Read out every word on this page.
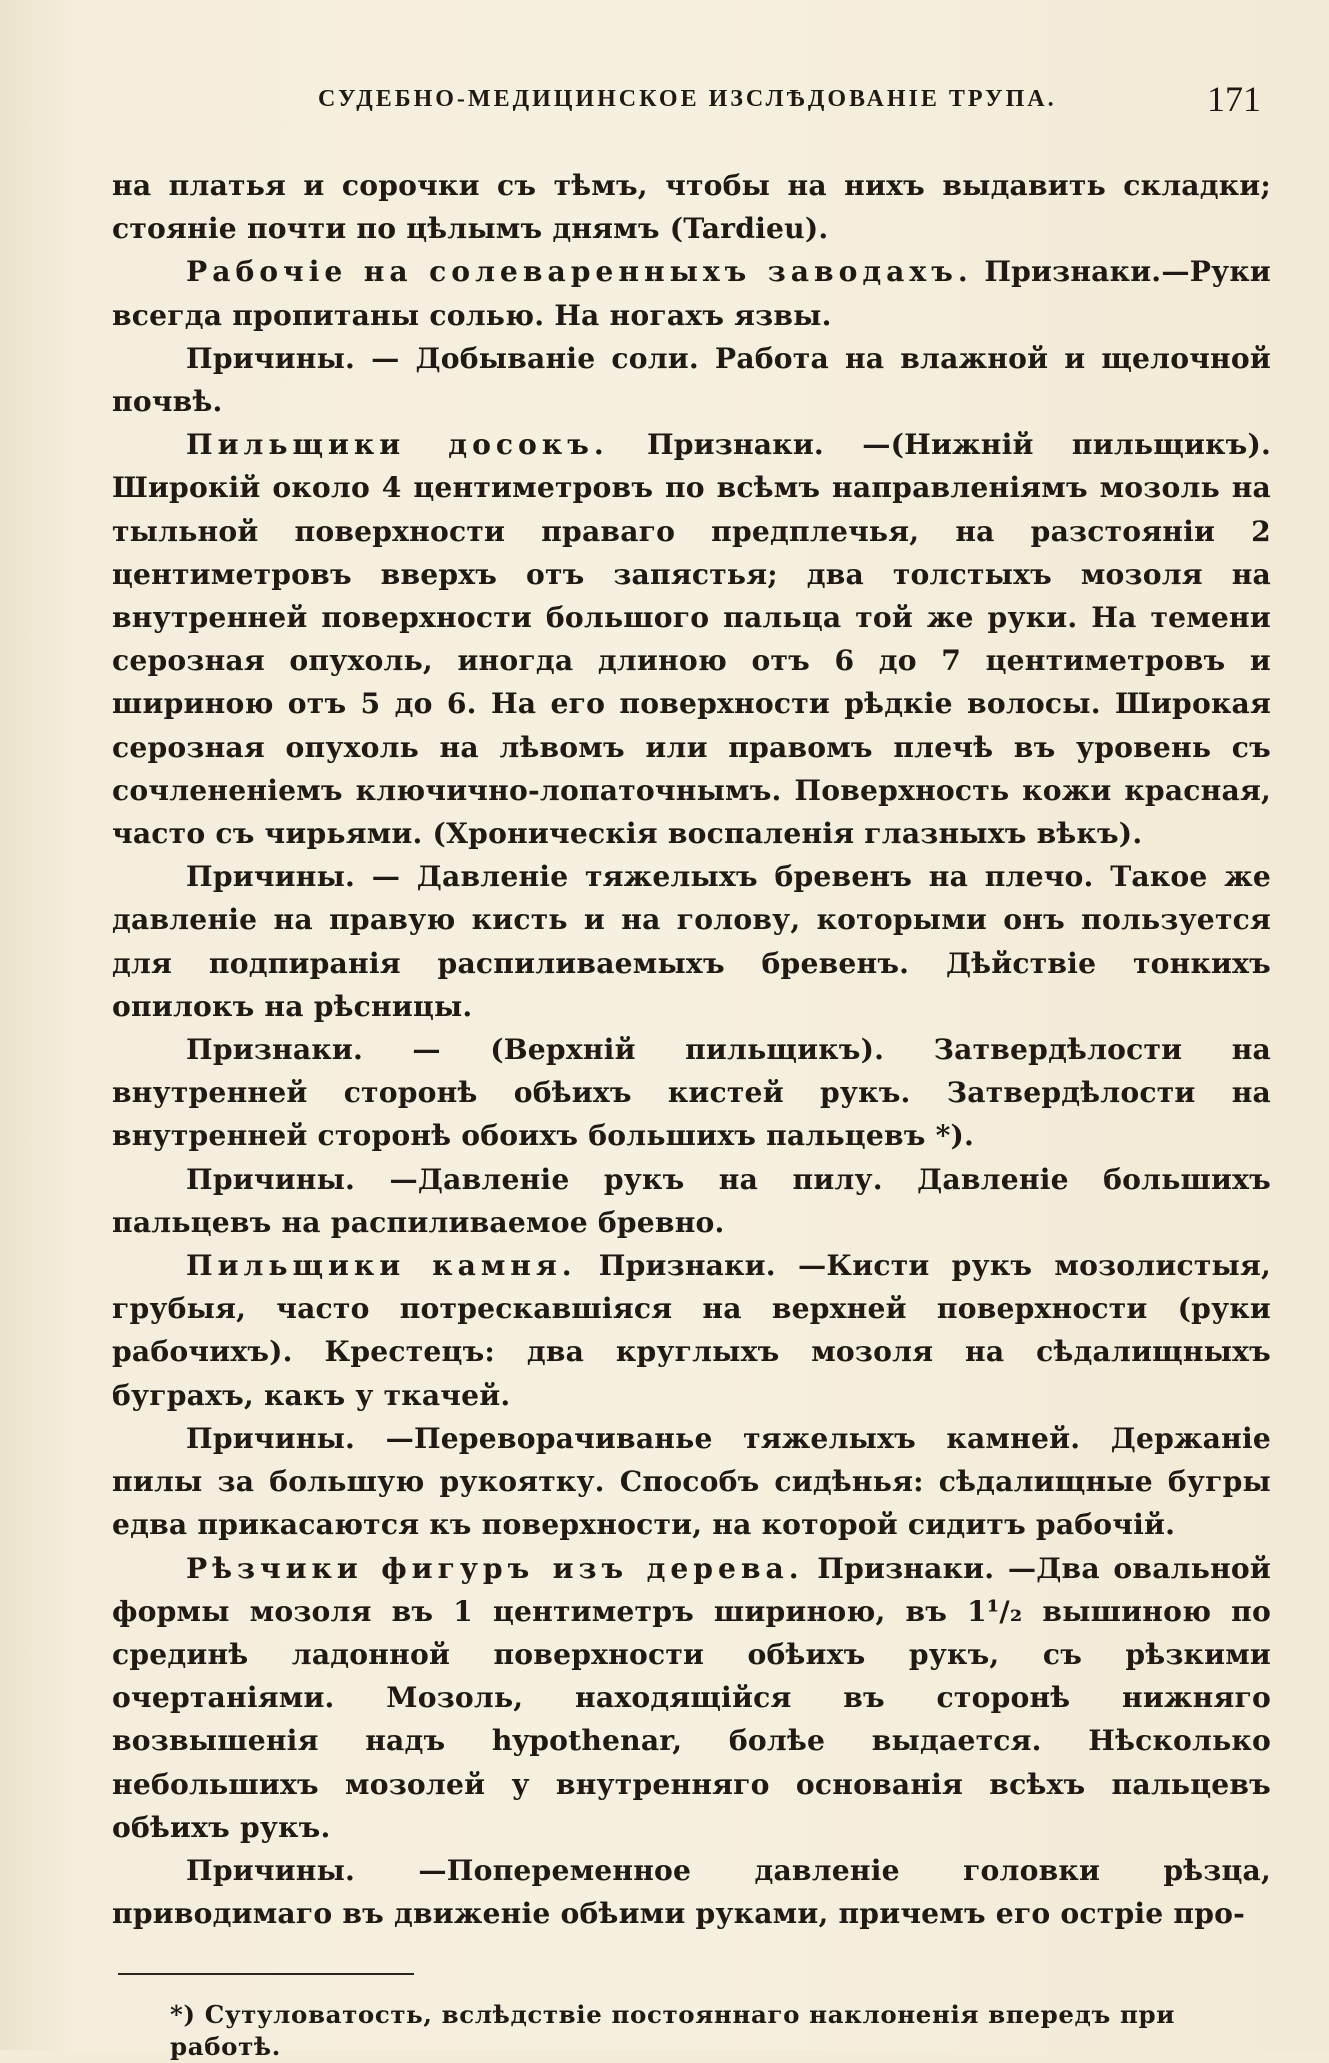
СУДЕБНО-МЕДИЦИНСКОЕ ИЗСЛѢДОВАНІЕ ТРУПА.	171

на платья и сорочки съ тѣмъ, чтобы на нихъ выдавить складки; стояніе почти по цѣлымъ днямъ (Tardieu).

Рабочіе на солеваренныхъ заводахъ. Признаки.—Руки всегда пропитаны солью. На ногахъ язвы.

Причины. — Добываніе соли. Работа на влажной и щелочной почвѣ.

Пильщики досокъ. Признаки. —(Нижній пильщикъ). Широкій около 4 центиметровъ по всѣмъ направленіямъ мозоль на тыльной поверхности праваго предплечья, на разстояніи 2 центиметровъ вверхъ отъ запястья; два толстыхъ мозоля на внутренней поверхности большого пальца той же руки. На темени серозная опухоль, иногда длиною отъ 6 до 7 центиметровъ и шириною отъ 5 до 6. На его поверхности рѣдкіе волосы. Широкая серозная опухоль на лѣвомъ или правомъ плечѣ въ уровень съ сочлененіемъ ключично-лопаточнымъ. Поверхность кожи красная, часто съ чирьями. (Хроническія воспаленія глазныхъ вѣкъ).

Причины. — Давленіе тяжелыхъ бревенъ на плечо. Такое же давленіе на правую кисть и на голову, которыми онъ пользуется для подпиранія распиливаемыхъ бревенъ. Дѣйствіе тонкихъ опилокъ на рѣсницы.

Признаки. — (Верхній пильщикъ). Затвердѣлости на внутренней сторонѣ обѣихъ кистей рукъ. Затвердѣлости на внутренней сторонѣ обоихъ большихъ пальцевъ *).

Причины. —Давленіе рукъ на пилу. Давленіе большихъ пальцевъ на распиливаемое бревно.

Пильщики камня. Признаки. —Кисти рукъ мозолистыя, грубыя, часто потрескавшіяся на верхней поверхности (руки рабочихъ). Крестецъ: два круглыхъ мозоля на сѣдалищныхъ буграхъ, какъ у ткачей.

Причины. —Переворачиванье тяжелыхъ камней. Держаніе пилы за большую рукоятку. Способъ сидѣнья: сѣдалищные бугры едва прикасаются къ поверхности, на которой сидитъ рабочій.

Рѣзчики фигуръ изъ дерева. Признаки. —Два овальной формы мозоля въ 1 центиметръ шириною, въ 1¹/₂ вышиною по срединѣ ладонной поверхности обѣихъ рукъ, съ рѣзкими очертаніями. Мозоль, находящійся въ сторонѣ нижняго возвышенія надъ hypothenar, болѣе выдается. Нѣсколько небольшихъ мозолей у внутренняго основанія всѣхъ пальцевъ обѣихъ рукъ.

Причины. —Попеременное давленіе головки рѣзца, приводимаго въ движеніе обѣими руками, причемъ его остріе про-

*) Сутуловатость, вслѣдствіе постояннаго наклоненія впередъ при работѣ.
